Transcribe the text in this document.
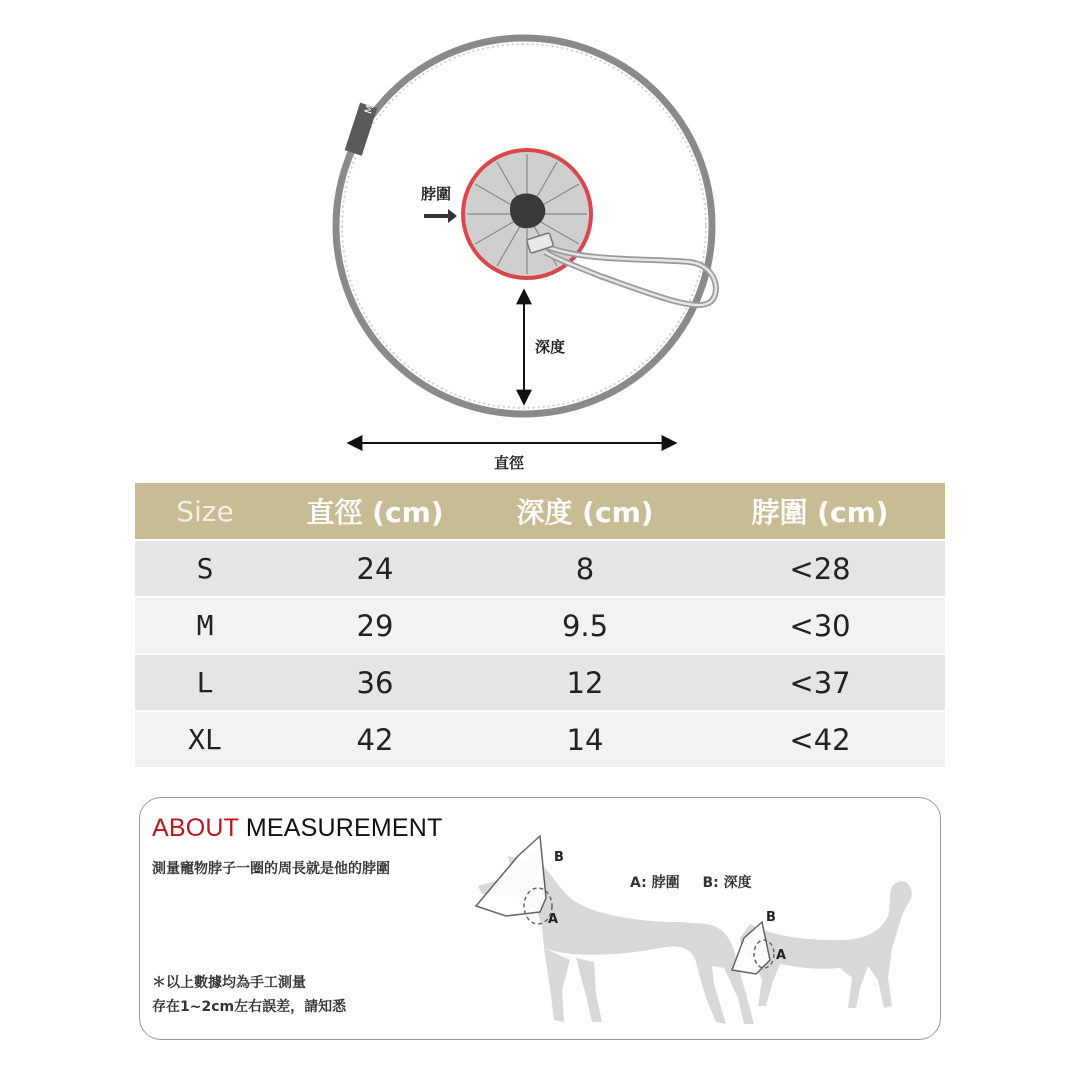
M
脖圍
深度
直徑
Size	直徑 (cm)	深度 (cm)	脖圍 (cm)
S	24	8	<28
M	29	9.5	<30
L	36	12	<37
XL	42	14	<42
ABOUT MEASUREMENT
測量寵物脖子一圈的周長就是他的脖圍
A: 脖圍 B: 深度
＊以上數據均為手工測量
存在1~2cm左右誤差，請知悉
B
A	B
A
